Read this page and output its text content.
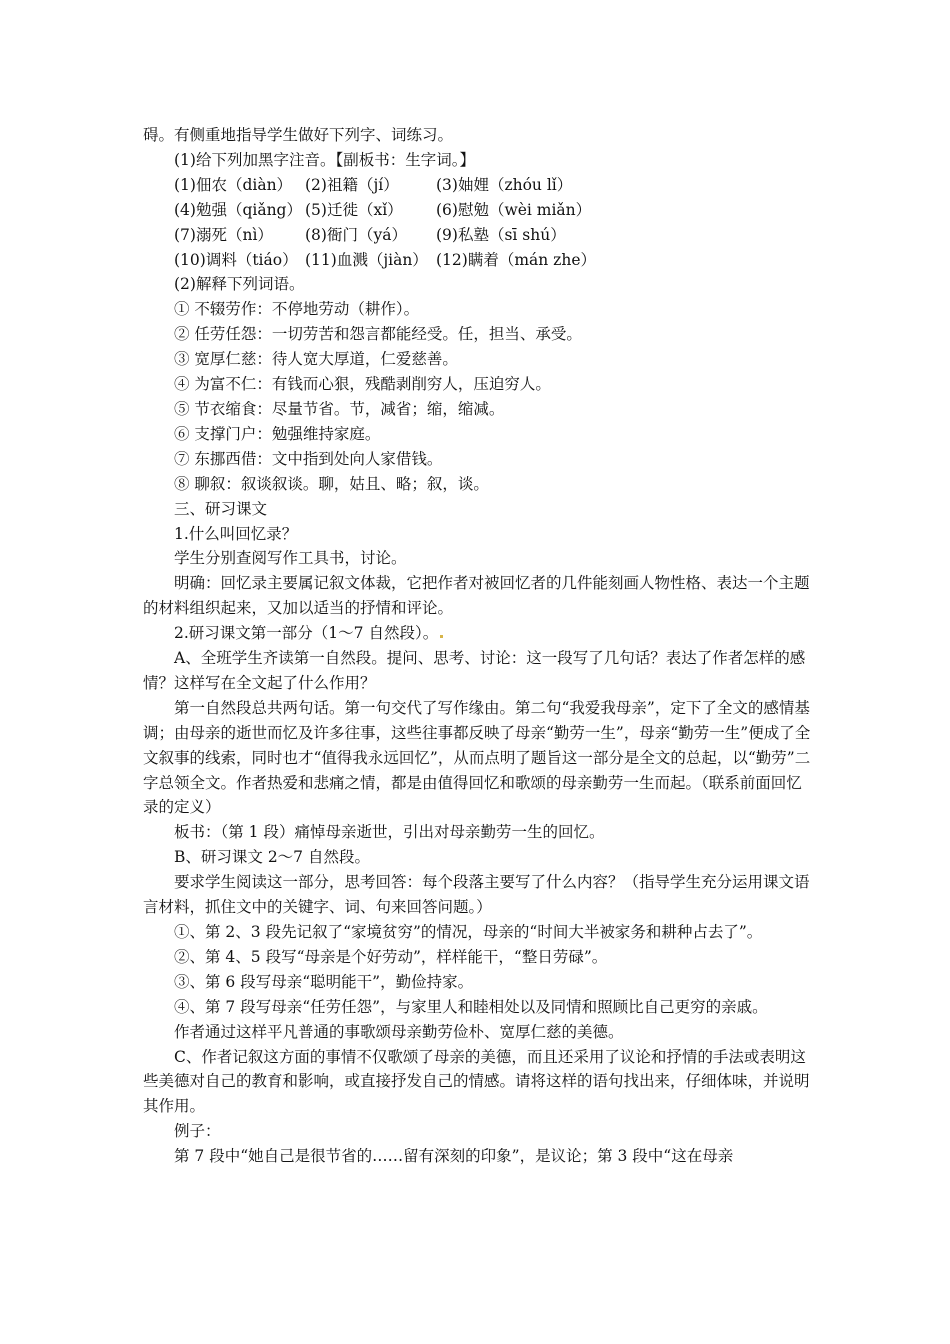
碍。有侧重地指导学生做好下列字、词练习。

(1)给下列加黑字注音。【副板书：生字词。】

(1)佃农（diàn） (2)祖籍（jí）	(3)妯娌（zhóu lǐ）
(4)勉强（qiǎng） (5)迁徙（xǐ）	(6)慰勉（wèi miǎn）
(7)溺死（nì）	(8)衙门（yá）	(9)私塾（sī shú）
(10)调料（tiáo） (11)血溅（jiàn） (12)瞒着（mán zhe）

(2)解释下列词语。

① 不辍劳作：不停地劳动（耕作）。

② 任劳任怨：一切劳苦和怨言都能经受。任，担当、承受。

③ 宽厚仁慈：待人宽大厚道，仁爱慈善。

④ 为富不仁：有钱而心狠，残酷剥削穷人，压迫穷人。

⑤ 节衣缩食：尽量节省。节，减省；缩，缩减。

⑥ 支撑门户：勉强维持家庭。

⑦ 东挪西借：文中指到处向人家借钱。

⑧ 聊叙：叙谈叙谈。聊，姑且、略；叙，谈。

三、研习课文

1.什么叫回忆录？

学生分别查阅写作工具书，讨论。

明确：回忆录主要属记叙文体裁，它把作者对被回忆者的几件能刻画人物性格、表达一个主题的材料组织起来，又加以适当的抒情和评论。

2.研习课文第一部分（1～7 自然段）。

A、全班学生齐读第一自然段。提问、思考、讨论：这一段写了几句话？表达了作者怎样的感情？这样写在全文起了什么作用？

第一自然段总共两句话。第一句交代了写作缘由。第二句“我爱我母亲”，定下了全文的感情基调；由母亲的逝世而忆及许多往事，这些往事都反映了母亲“勤劳一生”，母亲“勤劳一生”便成了全文叙事的线索，同时也才“值得我永远回忆”，从而点明了题旨这一部分是全文的总起，以“勤劳”二字总领全文。作者热爱和悲痛之情，都是由值得回忆和歌颂的母亲勤劳一生而起。（联系前面回忆录的定义）

板书：（第 1 段）痛悼母亲逝世，引出对母亲勤劳一生的回忆。

B、研习课文 2～7 自然段。

要求学生阅读这一部分，思考回答：每个段落主要写了什么内容？（指导学生充分运用课文语言材料，抓住文中的关键字、词、句来回答问题。）

①、第 2、3 段先记叙了“家境贫穷”的情况，母亲的“时间大半被家务和耕种占去了”。

②、第 4、5 段写“母亲是个好劳动”，样样能干，“整日劳碌”。

③、第 6 段写母亲“聪明能干”，勤俭持家。

④、第 7 段写母亲“任劳任怨”，与家里人和睦相处以及同情和照顾比自己更穷的亲戚。

作者通过这样平凡普通的事歌颂母亲勤劳俭朴、宽厚仁慈的美德。

C、作者记叙这方面的事情不仅歌颂了母亲的美德，而且还采用了议论和抒情的手法或表明这些美德对自己的教育和影响，或直接抒发自己的情感。请将这样的语句找出来，仔细体味，并说明其作用。

例子：

第 7 段中“她自己是很节省的……留有深刻的印象”，是议论；第 3 段中“这在母亲
